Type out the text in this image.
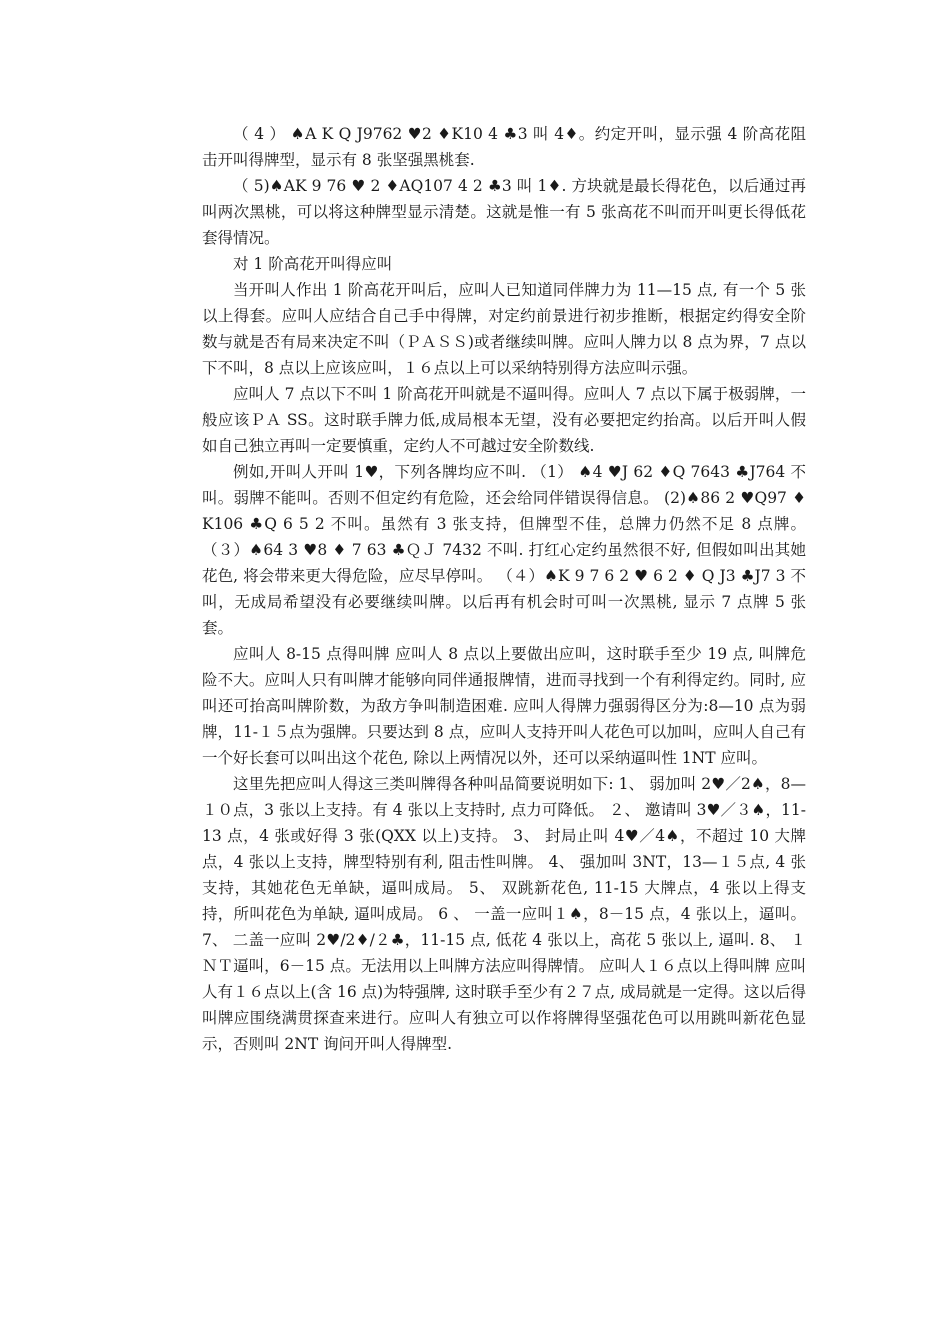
（ 4 ） ♠A K Q J9762 ♥2 ♦K10 4 ♣3 叫 4♦。约定开叫，显示强 4 阶高花阻击开叫得牌型，显示有 8 张坚强黑桃套.

（ 5)♠AK 9 76 ♥ 2 ♦AQ107 4 2 ♣3 叫 1♦. 方块就是最长得花色，以后通过再叫两次黑桃，可以将这种牌型显示清楚。这就是惟一有 5 张高花不叫而开叫更长得低花套得情况。

对 1 阶高花开叫得应叫

当开叫人作出 1 阶高花开叫后，应叫人已知道同伴牌力为 11—15 点, 有一个 5 张以上得套。应叫人应结合自己手中得牌，对定约前景进行初步推断，根据定约得安全阶数与就是否有局来决定不叫（ＰＡＳＳ)或者继续叫牌。应叫人牌力以 8 点为界，7 点以下不叫，8 点以上应该应叫，１６点以上可以采纳特别得方法应叫示强。

应叫人 7 点以下不叫 1 阶高花开叫就是不逼叫得。应叫人 7 点以下属于极弱牌，一般应该ＰＡ SS。这时联手牌力低,成局根本无望，没有必要把定约抬高。以后开叫人假如自己独立再叫一定要慎重，定约人不可越过安全阶数线.

例如,开叫人开叫 1♥，下列各牌均应不叫. （1） ♠4 ♥J 62 ♦Q 7643 ♣J764 不叫。弱牌不能叫。否则不但定约有危险，还会给同伴错误得信息。 (2)♠86 2 ♥Q97 ♦K106 ♣Q 6 5 2 不叫。虽然有 3 张支持，但牌型不佳，总牌力仍然不足 8 点牌。 （３）♠64 3 ♥8 ♦ 7 63 ♣ＱＪ 7432 不叫. 打红心定约虽然很不好, 但假如叫出其她花色, 将会带来更大得危险，应尽早停叫。 （４）♠K 9 7 6 2 ♥ 6 2 ♦ Q J3 ♣J7 3 不叫，无成局希望没有必要继续叫牌。以后再有机会时可叫一次黑桃, 显示 7 点牌 5 张套。

应叫人 8-15 点得叫牌 应叫人 8 点以上要做出应叫，这时联手至少 19 点, 叫牌危险不大。应叫人只有叫牌才能够向同伴通报牌情，进而寻找到一个有利得定约。同时, 应叫还可抬高叫牌阶数，为敌方争叫制造困难. 应叫人得牌力强弱得区分为:8—10 点为弱牌，11-１５点为强牌。只要达到 8 点，应叫人支持开叫人花色可以加叫，应叫人自己有一个好长套可以叫出这个花色, 除以上两情况以外，还可以采纳逼叫性 1NT 应叫。

这里先把应叫人得这三类叫牌得各种叫品简要说明如下: 1、 弱加叫 2♥／2♠，8—１０点，3 张以上支持。有 4 张以上支持时, 点力可降低。 ２、 邀请叫 3♥／３♠，11-13 点，4 张或好得 3 张(QXX 以上)支持。 3、 封局止叫 4♥／4♠，不超过 10 大牌点，4 张以上支持，牌型特别有利, 阻击性叫牌。 4、 强加叫 3NT，13—１５点, 4 张支持，其她花色无单缺，逼叫成局。 5、 双跳新花色, 11-15 大牌点，4 张以上得支持，所叫花色为单缺, 逼叫成局。 6 、 一盖一应叫１♠，8－15 点，4 张以上，逼叫。 7、 二盖一应叫 2♥/2♦/２♣，11-15 点, 低花 4 张以上，高花 5 张以上, 逼叫. 8、 １ＮＴ逼叫，6－15 点。无法用以上叫牌方法应叫得牌情。 应叫人１６点以上得叫牌 应叫人有１６点以上(含 16 点)为特强牌, 这时联手至少有２７点, 成局就是一定得。这以后得叫牌应围绕满贯探查来进行。应叫人有独立可以作将牌得坚强花色可以用跳叫新花色显示，否则叫 2NT 询问开叫人得牌型.
